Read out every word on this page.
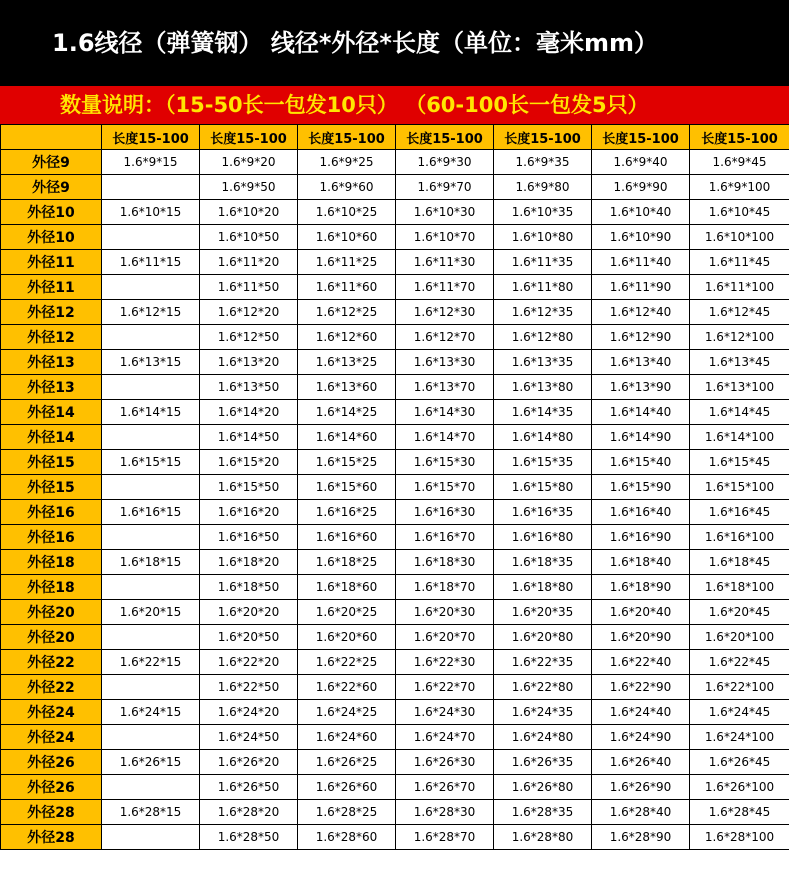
1.6线径（弹簧钢） 线径*外径*长度（单位：毫米mm）
数量说明：（15-50长一包发10只） （60-100长一包发5只）
	长度15-100	长度15-100	长度15-100	长度15-100	长度15-100	长度15-100	长度15-100
外径9	1.6*9*15	1.6*9*20	1.6*9*25	1.6*9*30	1.6*9*35	1.6*9*40	1.6*9*45
外径9		1.6*9*50	1.6*9*60	1.6*9*70	1.6*9*80	1.6*9*90	1.6*9*100
外径10	1.6*10*15	1.6*10*20	1.6*10*25	1.6*10*30	1.6*10*35	1.6*10*40	1.6*10*45
外径10		1.6*10*50	1.6*10*60	1.6*10*70	1.6*10*80	1.6*10*90	1.6*10*100
外径11	1.6*11*15	1.6*11*20	1.6*11*25	1.6*11*30	1.6*11*35	1.6*11*40	1.6*11*45
外径11		1.6*11*50	1.6*11*60	1.6*11*70	1.6*11*80	1.6*11*90	1.6*11*100
外径12	1.6*12*15	1.6*12*20	1.6*12*25	1.6*12*30	1.6*12*35	1.6*12*40	1.6*12*45
外径12		1.6*12*50	1.6*12*60	1.6*12*70	1.6*12*80	1.6*12*90	1.6*12*100
外径13	1.6*13*15	1.6*13*20	1.6*13*25	1.6*13*30	1.6*13*35	1.6*13*40	1.6*13*45
外径13		1.6*13*50	1.6*13*60	1.6*13*70	1.6*13*80	1.6*13*90	1.6*13*100
外径14	1.6*14*15	1.6*14*20	1.6*14*25	1.6*14*30	1.6*14*35	1.6*14*40	1.6*14*45
外径14		1.6*14*50	1.6*14*60	1.6*14*70	1.6*14*80	1.6*14*90	1.6*14*100
外径15	1.6*15*15	1.6*15*20	1.6*15*25	1.6*15*30	1.6*15*35	1.6*15*40	1.6*15*45
外径15		1.6*15*50	1.6*15*60	1.6*15*70	1.6*15*80	1.6*15*90	1.6*15*100
外径16	1.6*16*15	1.6*16*20	1.6*16*25	1.6*16*30	1.6*16*35	1.6*16*40	1.6*16*45
外径16		1.6*16*50	1.6*16*60	1.6*16*70	1.6*16*80	1.6*16*90	1.6*16*100
外径18	1.6*18*15	1.6*18*20	1.6*18*25	1.6*18*30	1.6*18*35	1.6*18*40	1.6*18*45
外径18		1.6*18*50	1.6*18*60	1.6*18*70	1.6*18*80	1.6*18*90	1.6*18*100
外径20	1.6*20*15	1.6*20*20	1.6*20*25	1.6*20*30	1.6*20*35	1.6*20*40	1.6*20*45
外径20		1.6*20*50	1.6*20*60	1.6*20*70	1.6*20*80	1.6*20*90	1.6*20*100
外径22	1.6*22*15	1.6*22*20	1.6*22*25	1.6*22*30	1.6*22*35	1.6*22*40	1.6*22*45
外径22		1.6*22*50	1.6*22*60	1.6*22*70	1.6*22*80	1.6*22*90	1.6*22*100
外径24	1.6*24*15	1.6*24*20	1.6*24*25	1.6*24*30	1.6*24*35	1.6*24*40	1.6*24*45
外径24		1.6*24*50	1.6*24*60	1.6*24*70	1.6*24*80	1.6*24*90	1.6*24*100
外径26	1.6*26*15	1.6*26*20	1.6*26*25	1.6*26*30	1.6*26*35	1.6*26*40	1.6*26*45
外径26		1.6*26*50	1.6*26*60	1.6*26*70	1.6*26*80	1.6*26*90	1.6*26*100
外径28	1.6*28*15	1.6*28*20	1.6*28*25	1.6*28*30	1.6*28*35	1.6*28*40	1.6*28*45
外径28		1.6*28*50	1.6*28*60	1.6*28*70	1.6*28*80	1.6*28*90	1.6*28*100
